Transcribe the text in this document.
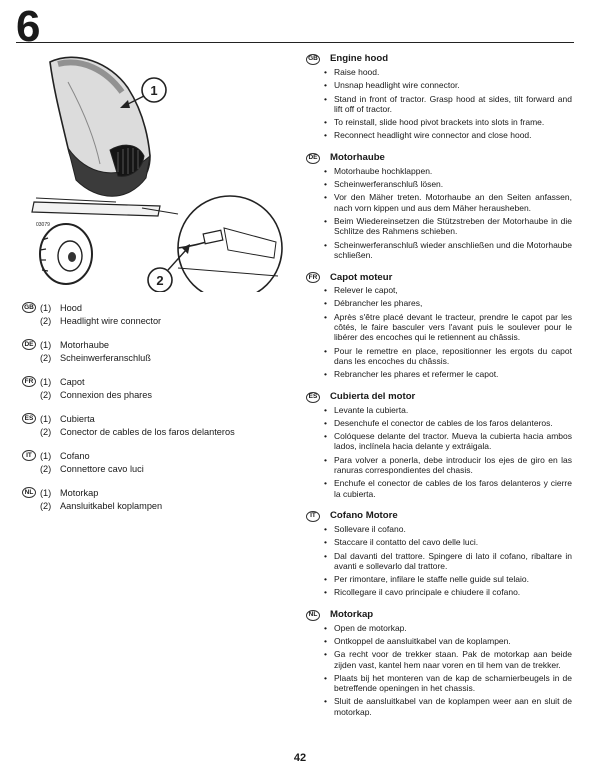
6
03079
1
2
GB (1) Hood
(2) Headlight wire connector
DE (1) Motorhaube
(2) Scheinwerferanschluß
FR (1) Capot
(2) Connexion des phares
ES (1) Cubierta
(2) Conector de cables de los faros delanteros
IT (1) Cofano
(2) Connettore cavo luci
NL (1) Motorkap
(2) Aansluitkabel koplampen
GB Engine hood
• Raise hood.
• Unsnap headlight wire connector.
• Stand in front of tractor. Grasp hood at sides, tilt forward and lift off of tractor.
• To reinstall, slide hood pivot brackets into slots in frame.
• Reconnect headlight wire connector and close hood.
DE Motorhaube
• Motorhaube hochklappen.
• Scheinwerferanschluß lösen.
• Vor den Mäher treten. Motorhaube an den Seiten anfassen, nach vorn kippen und aus dem Mäher herausheben.
• Beim Wiedereinsetzen die Stützstreben der Motorhaube in die Schlitze des Rahmens schieben.
• Scheinwerferanschluß wieder anschließen und die Motorhaube schließen.
FR Capot moteur
• Relever le capot,
• Débrancher les phares,
• Après s'être placé devant le tracteur, prendre le capot par les côtés, le faire basculer vers l'avant puis le soulever pour le libérer des encoches qui le retiennent au châssis.
• Pour le remettre en place, repositionner les ergots du capot dans les encoches du châssis.
• Rebrancher les phares et refermer le capot.
ES Cubierta del motor
• Levante la cubierta.
• Desenchufe el conector de cables de los faros delanteros.
• Colóquese delante del tractor. Mueva la cubierta hacia ambos lados, inclínela hacia delante y extráigala.
• Para volver a ponerla, debe introducir los ejes de giro en las ranuras correspondientes del chasis.
• Enchufe el conector de cables de los faros delanteros y cierre la cubierta.
IT	Cofano Motore
• Sollevare il cofano.
• Staccare il contatto del cavo delle luci.
• Dal davanti del trattore. Spingere di lato il cofano, ribaltare in avanti e sollevarlo dal trattore.
• Per rimontare, infilare le staffe nelle guide sul telaio.
• Ricollegare il cavo principale e chiudere il cofano.
NL Motorkap
• Open de motorkap.
• Ontkoppel de aansluitkabel van de koplampen.
• Ga recht voor de trekker staan. Pak de motorkap aan beide zijden vast, kantel hem naar voren en til hem van de trekker.
• Plaats bij het monteren van de kap de scharnierbeugels in de betreffende openingen in het chassis.
• Sluit de aansluitkabel van de koplampen weer aan en sluit de motorkap.
42
